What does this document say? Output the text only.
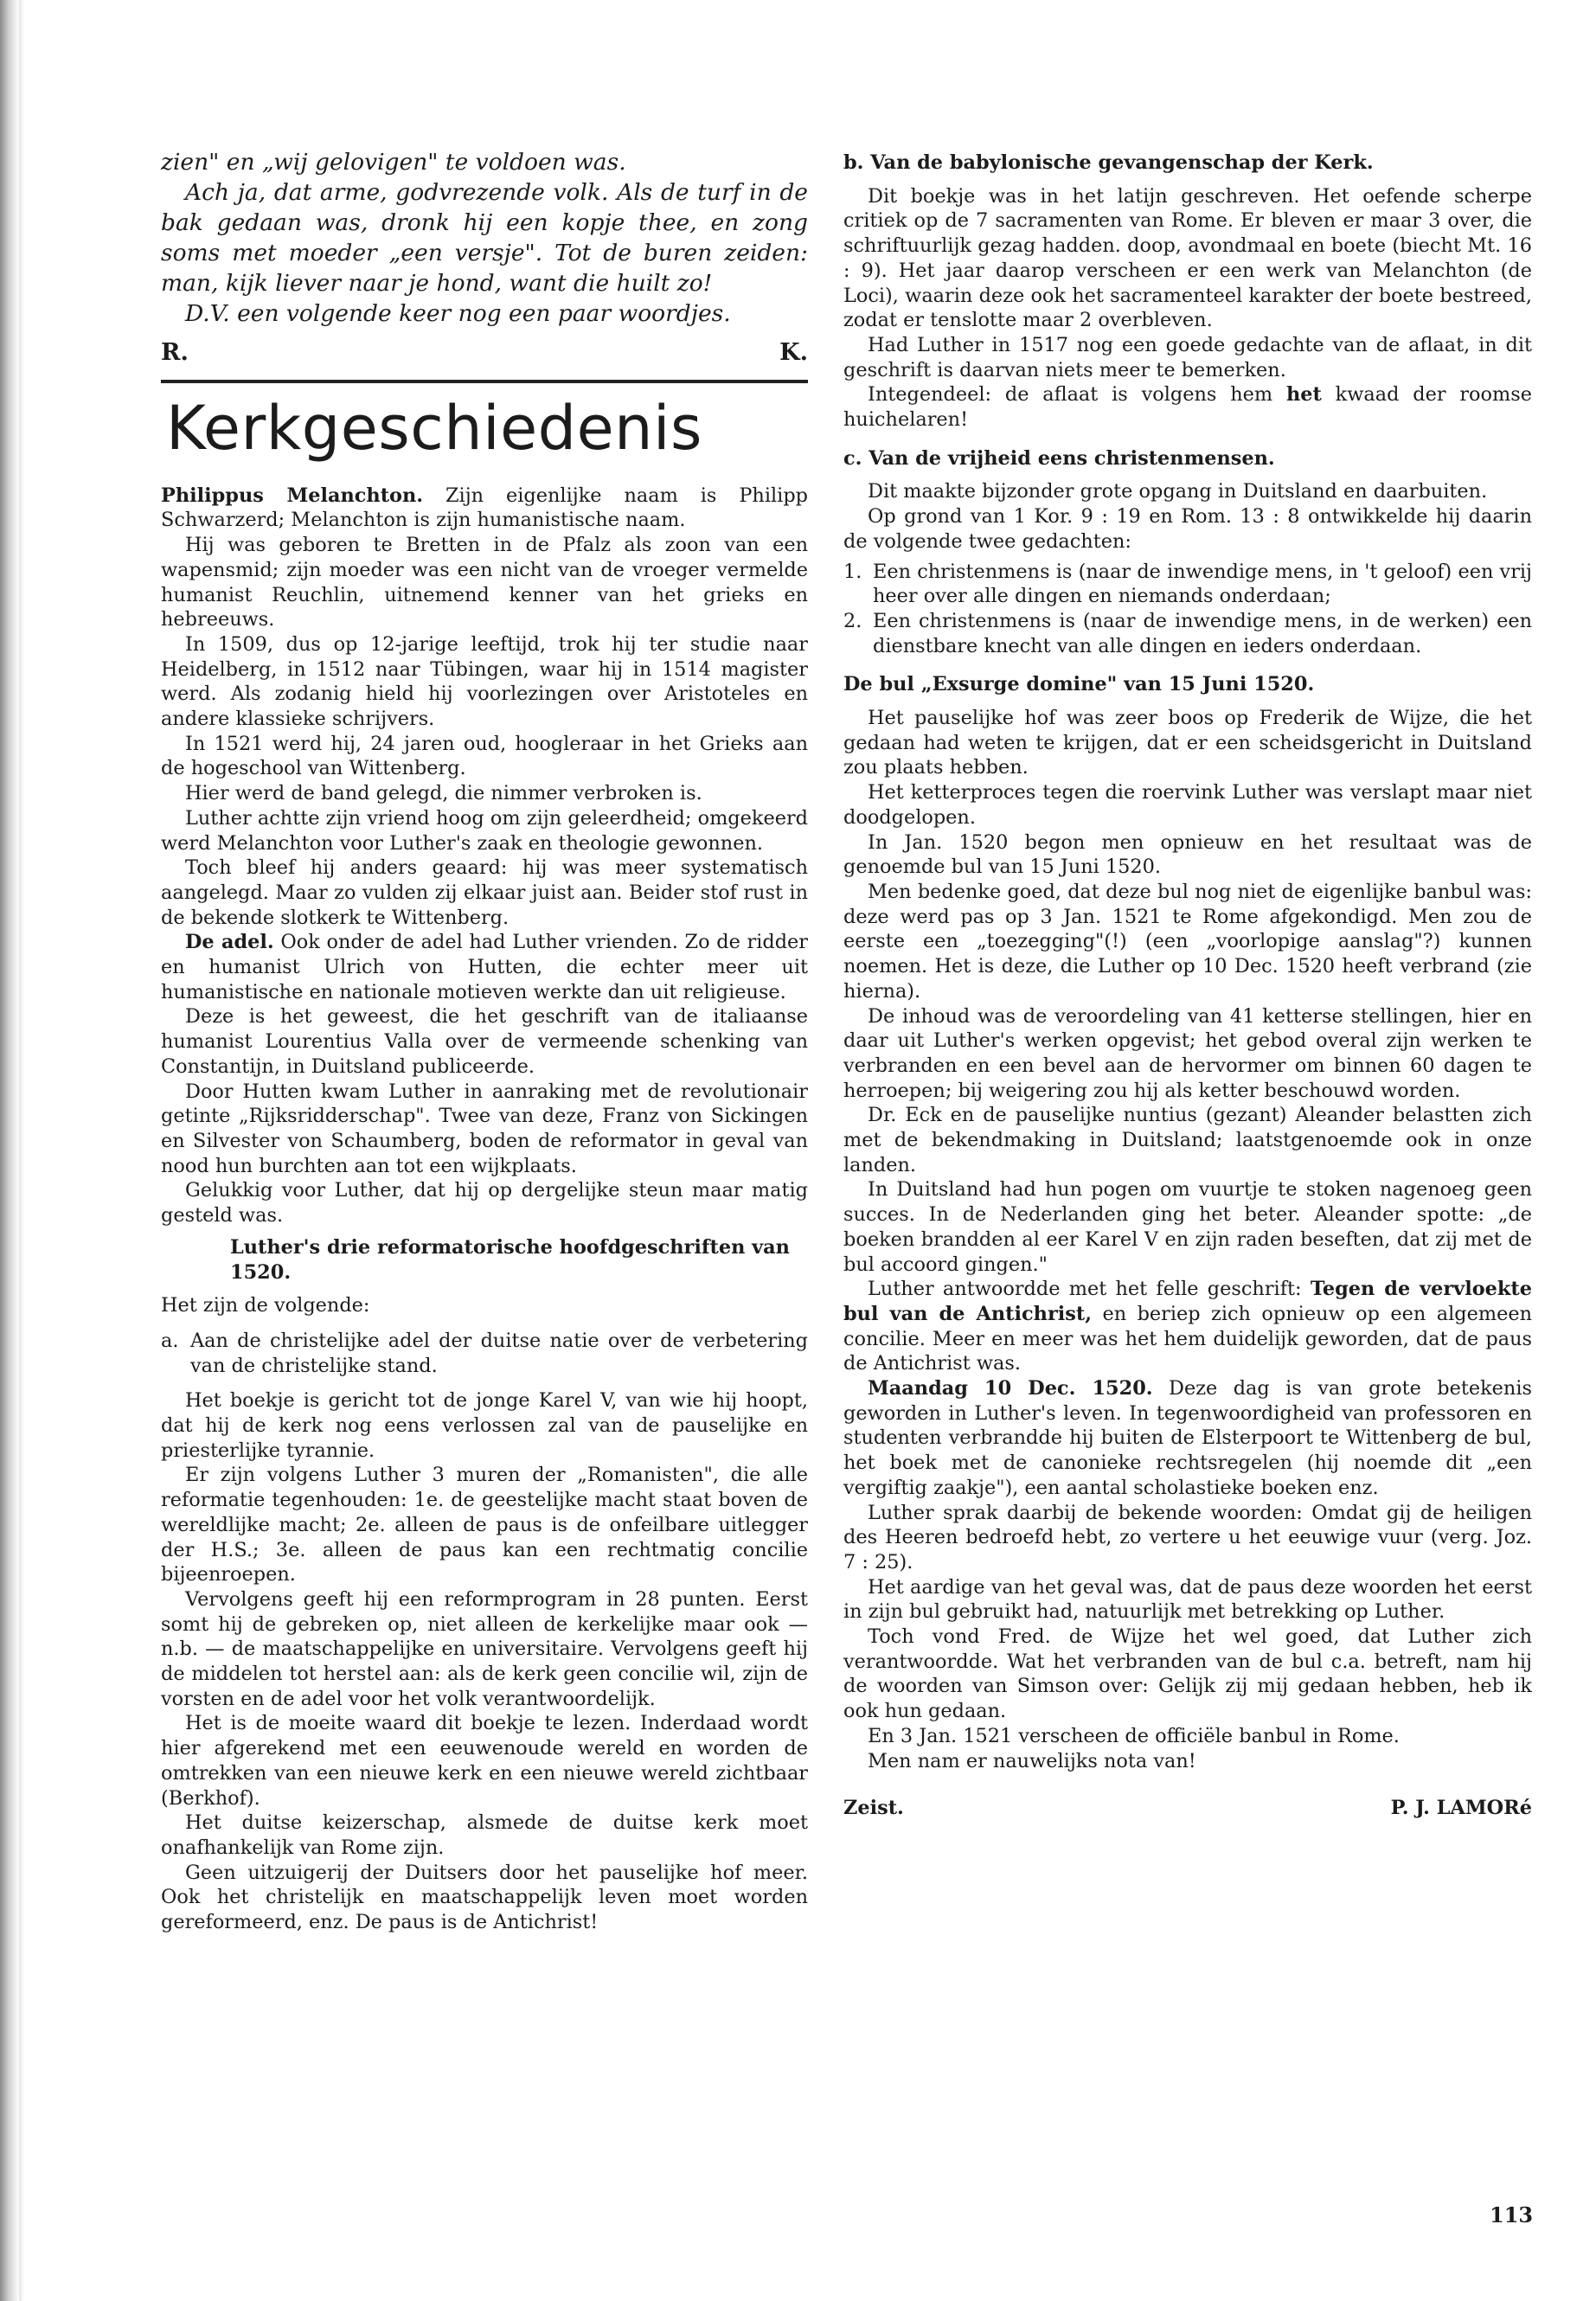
zien" en „wij gelovigen" te voldoen was.

Ach ja, dat arme, godvrezende volk. Als de turf in de bak gedaan was, dronk hij een kopje thee, en zong soms met moeder „een versje". Tot de buren zeiden: man, kijk liever naar je hond, want die huilt zo!

D.V. een volgende keer nog een paar woordjes.

R.	K.
Kerkgeschiedenis

Philippus Melanchton. Zijn eigenlijke naam is Philipp Schwarzerd; Melanchton is zijn humanistische naam.

Hij was geboren te Bretten in de Pfalz als zoon van een wapensmid; zijn moeder was een nicht van de vroeger vermelde humanist Reuchlin, uitnemend kenner van het grieks en hebreeuws.

In 1509, dus op 12-jarige leeftijd, trok hij ter studie naar Heidelberg, in 1512 naar Tübingen, waar hij in 1514 magister werd. Als zodanig hield hij voorlezingen over Aristoteles en andere klassieke schrijvers.

In 1521 werd hij, 24 jaren oud, hoogleraar in het Grieks aan de hogeschool van Wittenberg.

Hier werd de band gelegd, die nimmer verbroken is.

Luther achtte zijn vriend hoog om zijn geleerdheid; omgekeerd werd Melanchton voor Luther's zaak en theologie gewonnen.

Toch bleef hij anders geaard: hij was meer systematisch aangelegd. Maar zo vulden zij elkaar juist aan. Beider stof rust in de bekende slotkerk te Wittenberg.

De adel. Ook onder de adel had Luther vrienden. Zo de ridder en humanist Ulrich von Hutten, die echter meer uit humanistische en nationale motieven werkte dan uit religieuse.

Deze is het geweest, die het geschrift van de italiaanse humanist Lourentius Valla over de vermeende schenking van Constantijn, in Duitsland publiceerde.

Door Hutten kwam Luther in aanraking met de revolutionair getinte „Rijksridderschap". Twee van deze, Franz von Sickingen en Silvester von Schaumberg, boden de reformator in geval van nood hun burchten aan tot een wijkplaats.

Gelukkig voor Luther, dat hij op dergelijke steun maar matig gesteld was.

Luther's drie reformatorische hoofdgeschriften van 1520.

Het zijn de volgende:

a. Aan de christelijke adel der duitse natie over de verbetering van de christelijke stand.

Het boekje is gericht tot de jonge Karel V, van wie hij hoopt, dat hij de kerk nog eens verlossen zal van de pauselijke en priesterlijke tyrannie.

Er zijn volgens Luther 3 muren der „Romanisten", die alle reformatie tegenhouden: 1e. de geestelijke macht staat boven de wereldlijke macht; 2e. alleen de paus is de onfeilbare uitlegger der H.S.; 3e. alleen de paus kan een rechtmatig concilie bijeenroepen.

Vervolgens geeft hij een reformprogram in 28 punten. Eerst somt hij de gebreken op, niet alleen de kerkelijke maar ook — n.b. — de maatschappelijke en universitaire. Vervolgens geeft hij de middelen tot herstel aan: als de kerk geen concilie wil, zijn de vorsten en de adel voor het volk verantwoordelijk.

Het is de moeite waard dit boekje te lezen. Inderdaad wordt hier afgerekend met een eeuwenoude wereld en worden de omtrekken van een nieuwe kerk en een nieuwe wereld zichtbaar (Berkhof).

Het duitse keizerschap, alsmede de duitse kerk moet onafhankelijk van Rome zijn.

Geen uitzuigerij der Duitsers door het pauselijke hof meer. Ook het christelijk en maatschappelijk leven moet worden gereformeerd, enz. De paus is de Antichrist!

b. Van de babylonische gevangenschap der Kerk.

Dit boekje was in het latijn geschreven. Het oefende scherpe critiek op de 7 sacramenten van Rome. Er bleven er maar 3 over, die schriftuurlijk gezag hadden. doop, avondmaal en boete (biecht Mt. 16 : 9). Het jaar daarop verscheen er een werk van Melanchton (de Loci), waarin deze ook het sacramenteel karakter der boete bestreed, zodat er tenslotte maar 2 overbleven.

Had Luther in 1517 nog een goede gedachte van de aflaat, in dit geschrift is daarvan niets meer te bemerken.

Integendeel: de aflaat is volgens hem het kwaad der roomse huichelaren!

c. Van de vrijheid eens christenmensen.

Dit maakte bijzonder grote opgang in Duitsland en daarbuiten.

Op grond van 1 Kor. 9 : 19 en Rom. 13 : 8 ontwikkelde hij daarin de volgende twee gedachten:

1. Een christenmens is (naar de inwendige mens, in 't geloof) een vrij heer over alle dingen en niemands onderdaan;
2. Een christenmens is (naar de inwendige mens, in de werken) een dienstbare knecht van alle dingen en ieders onderdaan.
De bul „Exsurge domine" van 15 Juni 1520.

Het pauselijke hof was zeer boos op Frederik de Wijze, die het gedaan had weten te krijgen, dat er een scheidsgericht in Duitsland zou plaats hebben.

Het ketterproces tegen die roervink Luther was verslapt maar niet doodgelopen.

In Jan. 1520 begon men opnieuw en het resultaat was de genoemde bul van 15 Juni 1520.

Men bedenke goed, dat deze bul nog niet de eigenlijke banbul was: deze werd pas op 3 Jan. 1521 te Rome afgekondigd. Men zou de eerste een „toezegging"(!) (een „voorlopige aanslag"?) kunnen noemen. Het is deze, die Luther op 10 Dec. 1520 heeft verbrand (zie hierna).

De inhoud was de veroordeling van 41 ketterse stellingen, hier en daar uit Luther's werken opgevist; het gebod overal zijn werken te verbranden en een bevel aan de hervormer om binnen 60 dagen te herroepen; bij weigering zou hij als ketter beschouwd worden.

Dr. Eck en de pauselijke nuntius (gezant) Aleander belastten zich met de bekendmaking in Duitsland; laatstgenoemde ook in onze landen.

In Duitsland had hun pogen om vuurtje te stoken nagenoeg geen succes. In de Nederlanden ging het beter. Aleander spotte: „de boeken brandden al eer Karel V en zijn raden beseften, dat zij met de bul accoord gingen."

Luther antwoordde met het felle geschrift: Tegen de vervloekte bul van de Antichrist, en beriep zich opnieuw op een algemeen concilie. Meer en meer was het hem duidelijk geworden, dat de paus de Antichrist was.

Maandag 10 Dec. 1520. Deze dag is van grote betekenis geworden in Luther's leven. In tegenwoordigheid van professoren en studenten verbrandde hij buiten de Elsterpoort te Wittenberg de bul, het boek met de canonieke rechtsregelen (hij noemde dit „een vergiftig zaakje"), een aantal scholastieke boeken enz.

Luther sprak daarbij de bekende woorden: Omdat gij de heiligen des Heeren bedroefd hebt, zo vertere u het eeuwige vuur (verg. Joz. 7 : 25).

Het aardige van het geval was, dat de paus deze woorden het eerst in zijn bul gebruikt had, natuurlijk met betrekking op Luther.

Toch vond Fred. de Wijze het wel goed, dat Luther zich verantwoordde. Wat het verbranden van de bul c.a. betreft, nam hij de woorden van Simson over: Gelijk zij mij gedaan hebben, heb ik ook hun gedaan.

En 3 Jan. 1521 verscheen de officiële banbul in Rome.

Men nam er nauwelijks nota van!

Zeist.	P. J. LAMORé
113
